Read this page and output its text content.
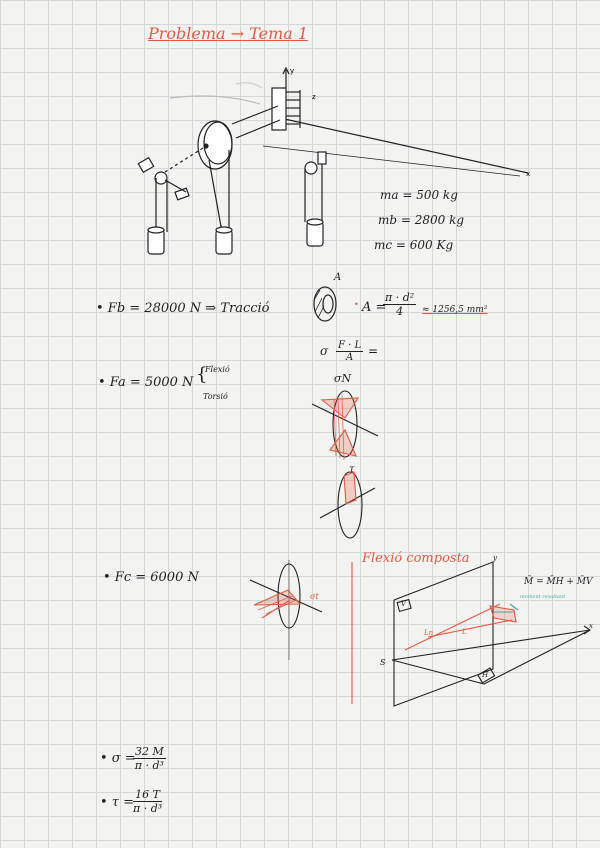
Problema → Tema 1
y
x
z
ma = 500 kg
mb = 2800 kg
mc = 600 Kg
• Fb = 28000 N ⇒ Tracció
A
• A =
$\frac{\text{π · d²}}{4} \approx 1256,5$ mm²
σ $\frac{F \cdot L}{A}$ =
• Fa = 5000 N {
Flexió
Torsió
σN
τ
• Fc = 6000 N
σt
Flexió composta
V
H
S
x
y
Ln	L
M̄ = M̄H + M̄V
moment resultant
• σ =
$\frac{32 M}{\text{π · d³}}$
• τ =
$\frac{16 T}{\text{π · d³}}$
